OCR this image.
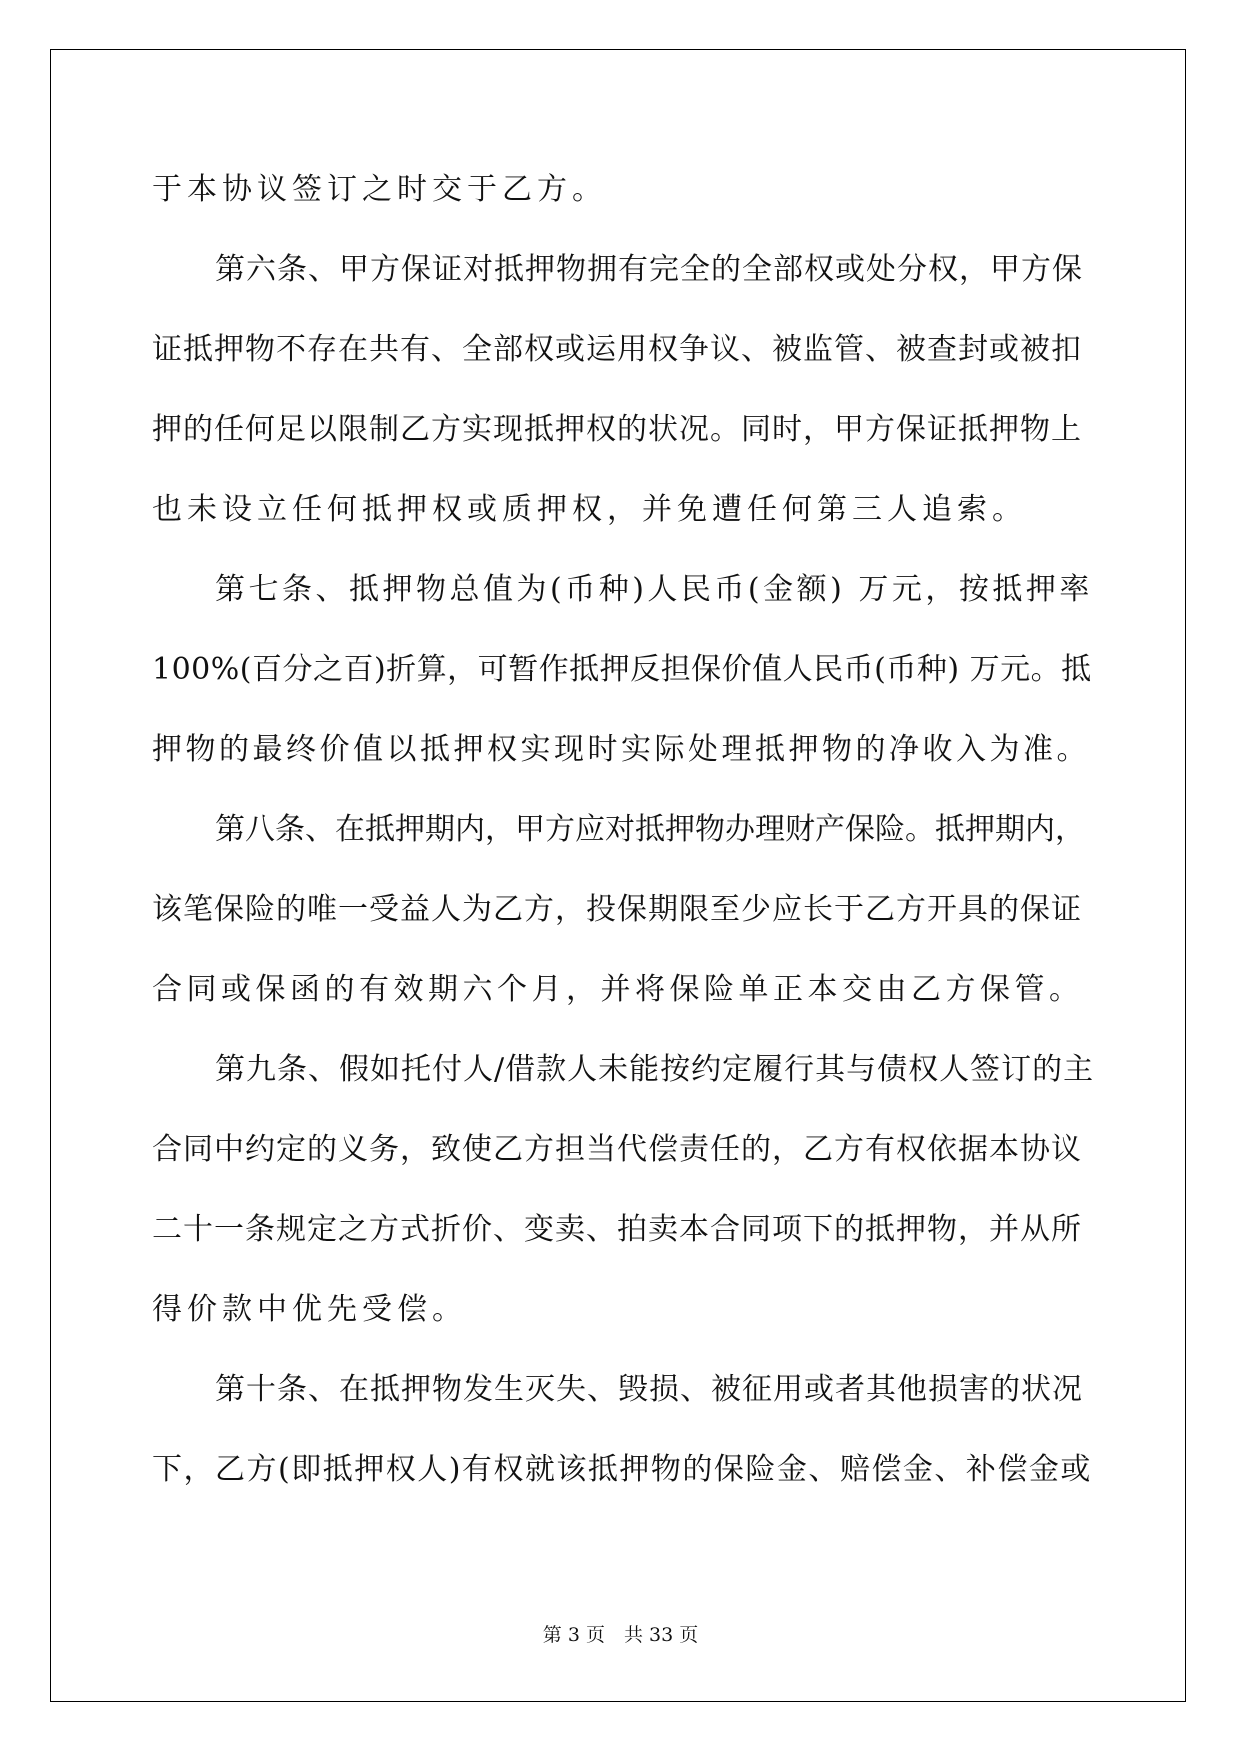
于本协议签订之时交于乙方。
第六条、甲方保证对抵押物拥有完全的全部权或处分权，甲方保
证抵押物不存在共有、全部权或运用权争议、被监管、被查封或被扣
押的任何足以限制乙方实现抵押权的状况。同时，甲方保证抵押物上
也未设立任何抵押权或质押权，并免遭任何第三人追索。
第七条、抵押物总值为(币种)人民币(金额) 万元，按抵押率
100%(百分之百)折算，可暂作抵押反担保价值人民币(币种) 万元。抵
押物的最终价值以抵押权实现时实际处理抵押物的净收入为准。
第八条、在抵押期内，甲方应对抵押物办理财产保险。抵押期内，
该笔保险的唯一受益人为乙方，投保期限至少应长于乙方开具的保证
合同或保函的有效期六个月，并将保险单正本交由乙方保管。
第九条、假如托付人/借款人未能按约定履行其与债权人签订的主
合同中约定的义务，致使乙方担当代偿责任的，乙方有权依据本协议
二十一条规定之方式折价、变卖、拍卖本合同项下的抵押物，并从所
得价款中优先受偿。
第十条、在抵押物发生灭失、毁损、被征用或者其他损害的状况
下，乙方(即抵押权人)有权就该抵押物的保险金、赔偿金、补偿金或
第 3 页　共 33 页
